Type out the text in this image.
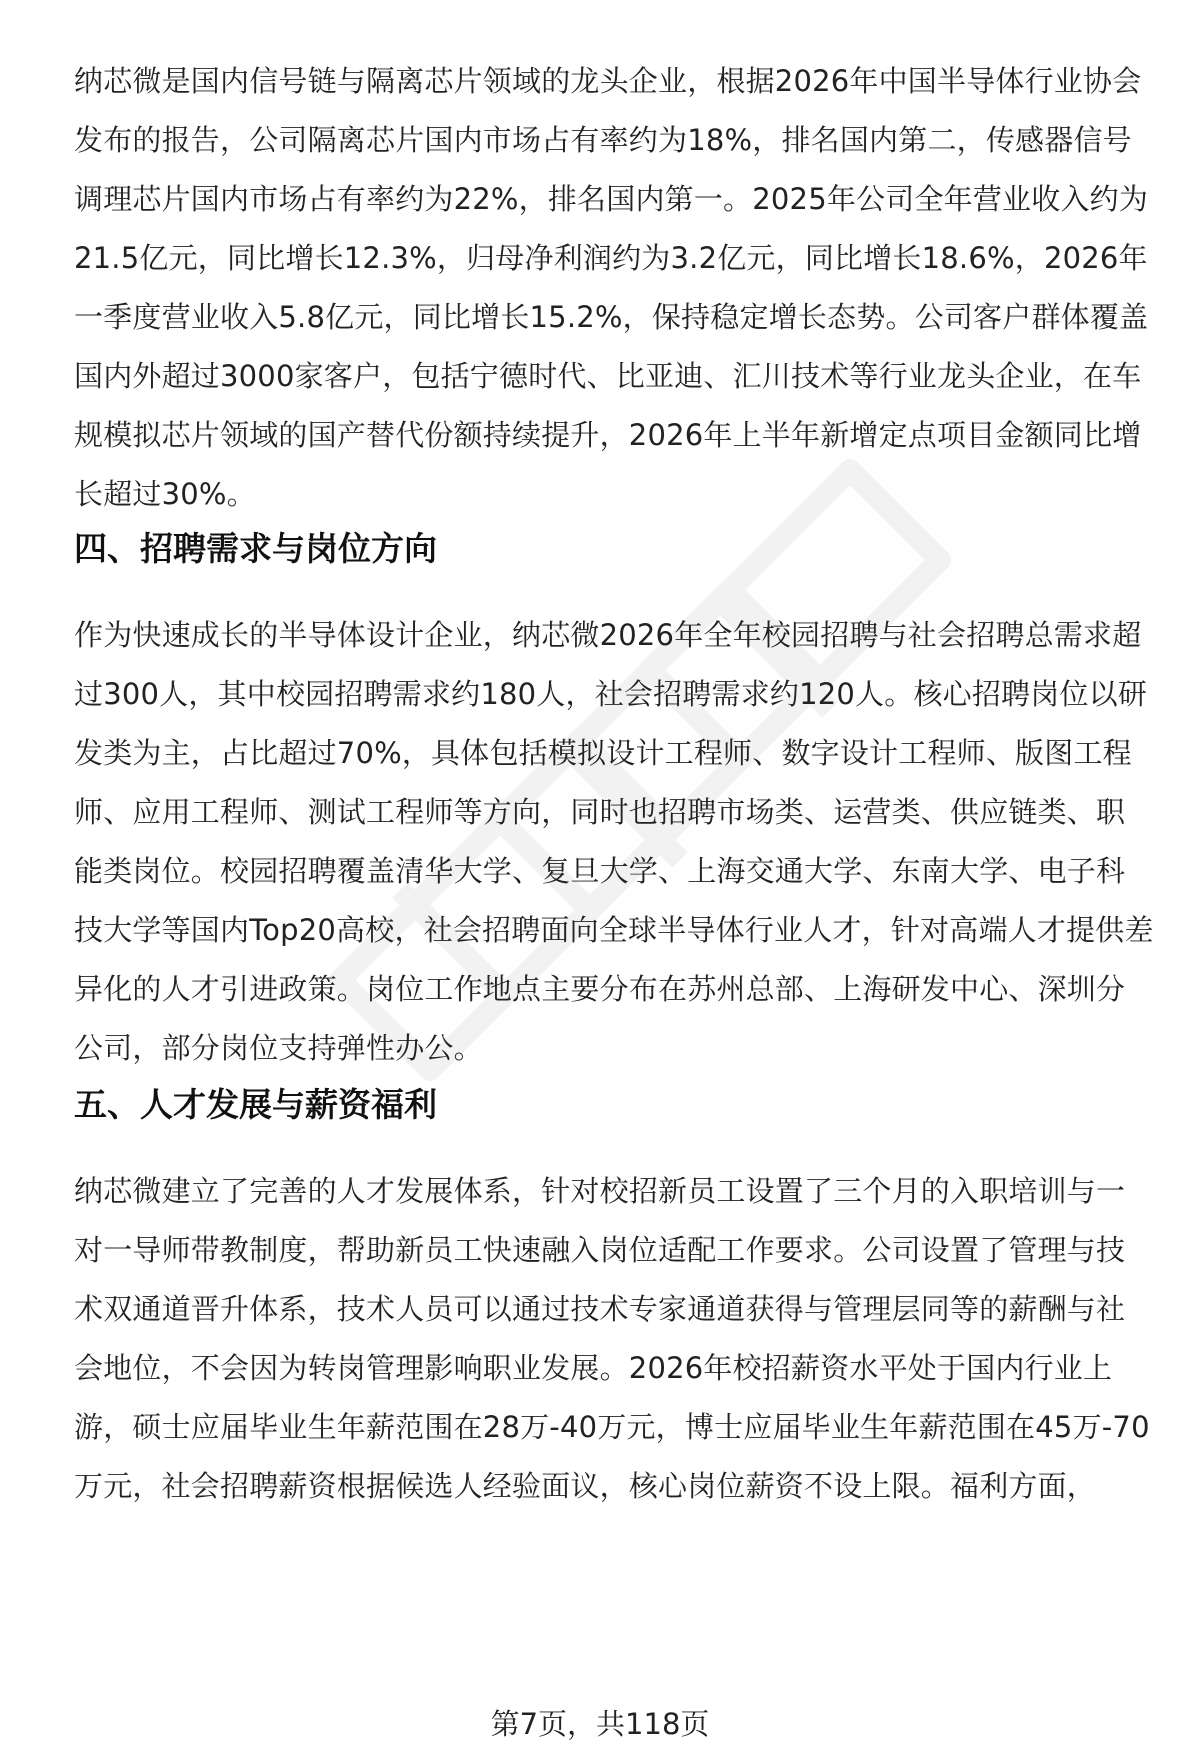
纳芯微是国内信号链与隔离芯片领域的龙头企业，根据2026年中国半导体行业协会发布的报告，公司隔离芯片国内市场占有率约为18%，排名国内第二，传感器信号调理芯片国内市场占有率约为22%，排名国内第一。2025年公司全年营业收入约为21.5亿元，同比增长12.3%，归母净利润约为3.2亿元，同比增长18.6%，2026年一季度营业收入5.8亿元，同比增长15.2%，保持稳定增长态势。公司客户群体覆盖国内外超过3000家客户，包括宁德时代、比亚迪、汇川技术等行业龙头企业，在车规模拟芯片领域的国产替代份额持续提升，2026年上半年新增定点项目金额同比增长超过30%。

四、招聘需求与岗位方向

作为快速成长的半导体设计企业，纳芯微2026年全年校园招聘与社会招聘总需求超过300人，其中校园招聘需求约180人，社会招聘需求约120人。核心招聘岗位以研发类为主，占比超过70%，具体包括模拟设计工程师、数字设计工程师、版图工程师、应用工程师、测试工程师等方向，同时也招聘市场类、运营类、供应链类、职能类岗位。校园招聘覆盖清华大学、复旦大学、上海交通大学、东南大学、电子科技大学等国内Top20高校，社会招聘面向全球半导体行业人才，针对高端人才提供差异化的人才引进政策。岗位工作地点主要分布在苏州总部、上海研发中心、深圳分公司，部分岗位支持弹性办公。

五、人才发展与薪资福利

纳芯微建立了完善的人才发展体系，针对校招新员工设置了三个月的入职培训与一对一导师带教制度，帮助新员工快速融入岗位适配工作要求。公司设置了管理与技术双通道晋升体系，技术人员可以通过技术专家通道获得与管理层同等的薪酬与社会地位，不会因为转岗管理影响职业发展。2026年校招薪资水平处于国内行业上游，硕士应届毕业生年薪范围在28万-40万元，博士应届毕业生年薪范围在45万-70万元，社会招聘薪资根据候选人经验面议，核心岗位薪资不设上限。福利方面，

第7页，共118页
